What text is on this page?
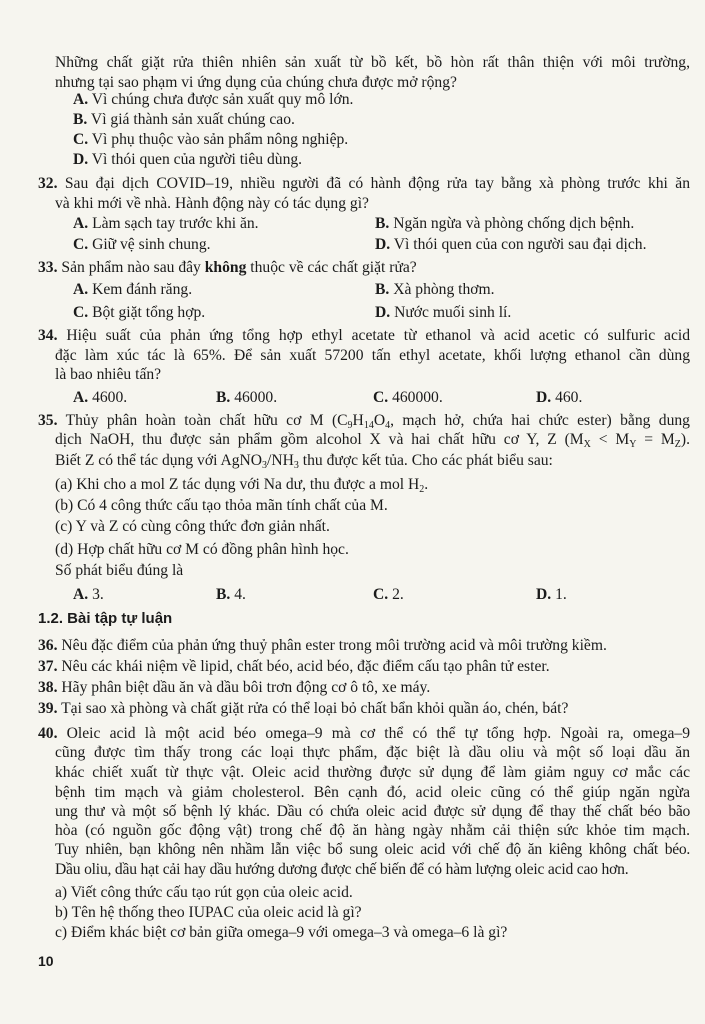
Những chất giặt rửa thiên nhiên sản xuất từ bồ kết, bồ hòn rất thân thiện với môi trường,
nhưng tại sao phạm vi ứng dụng của chúng chưa được mở rộng?
A. Vì chúng chưa được sản xuất quy mô lớn.
B. Vì giá thành sản xuất chúng cao.
C. Vì phụ thuộc vào sản phẩm nông nghiệp.
D. Vì thói quen của người tiêu dùng.
32. Sau đại dịch COVID–19, nhiều người đã có hành động rửa tay bằng xà phòng trước khi ăn
và khi mới về nhà. Hành động này có tác dụng gì?
A. Làm sạch tay trước khi ăn.	B. Ngăn ngừa và phòng chống dịch bệnh.
C. Giữ vệ sinh chung.	D. Vì thói quen của con người sau đại dịch.
33. Sản phẩm nào sau đây không thuộc về các chất giặt rửa?
A. Kem đánh răng.	B. Xà phòng thơm.
C. Bột giặt tổng hợp.	D. Nước muối sinh lí.
34. Hiệu suất của phản ứng tổng hợp ethyl acetate từ ethanol và acid acetic có sulfuric acid
đặc làm xúc tác là 65%. Để sản xuất 57200 tấn ethyl acetate, khối lượng ethanol cần dùng
là bao nhiêu tấn?
A. 4600.	B. 46000.	C. 460000.	D. 460.
35. Thủy phân hoàn toàn chất hữu cơ M ($C_9H_{14}O_4$, mạch hở, chứa hai chức ester) bằng dung
dịch NaOH, thu được sản phẩm gồm alcohol X và hai chất hữu cơ Y, Z $(M_X < M_Y = M_Z)$.
Biết Z có thể tác dụng với $AgNO_3/NH_3$ thu được kết tủa. Cho các phát biểu sau:
(a) Khi cho a mol Z tác dụng với Na dư, thu được a mol $H_2$.
(b) Có 4 công thức cấu tạo thỏa mãn tính chất của M.
(c) Y và Z có cùng công thức đơn giản nhất.
(d) Hợp chất hữu cơ M có đồng phân hình học.
Số phát biểu đúng là
A. 3.	B. 4.	C. 2.	D. 1.
1.2. Bài tập tự luận
36. Nêu đặc điểm của phản ứng thuỷ phân ester trong môi trường acid và môi trường kiềm.
37. Nêu các khái niệm về lipid, chất béo, acid béo, đặc điểm cấu tạo phân tử ester.
38. Hãy phân biệt dầu ăn và dầu bôi trơn động cơ ô tô, xe máy.
39. Tại sao xà phòng và chất giặt rửa có thể loại bỏ chất bẩn khỏi quần áo, chén, bát?
40. Oleic acid là một acid béo omega–9 mà cơ thể có thể tự tổng hợp. Ngoài ra, omega–9
cũng được tìm thấy trong các loại thực phẩm, đặc biệt là dầu oliu và một số loại dầu ăn
khác chiết xuất từ thực vật. Oleic acid thường được sử dụng để làm giảm nguy cơ mắc các
bệnh tim mạch và giảm cholesterol. Bên cạnh đó, acid oleic cũng có thể giúp ngăn ngừa
ung thư và một số bệnh lý khác. Dầu có chứa oleic acid được sử dụng để thay thế chất béo bão
hòa (có nguồn gốc động vật) trong chế độ ăn hàng ngày nhằm cải thiện sức khỏe tim mạch.
Tuy nhiên, bạn không nên nhầm lẫn việc bổ sung oleic acid với chế độ ăn kiêng không chất béo.
Dầu oliu, dầu hạt cải hay dầu hướng dương được chế biến để có hàm lượng oleic acid cao hơn.
a) Viết công thức cấu tạo rút gọn của oleic acid.
b) Tên hệ thống theo IUPAC của oleic acid là gì?
c) Điểm khác biệt cơ bản giữa omega–9 với omega–3 và omega–6 là gì?
10
